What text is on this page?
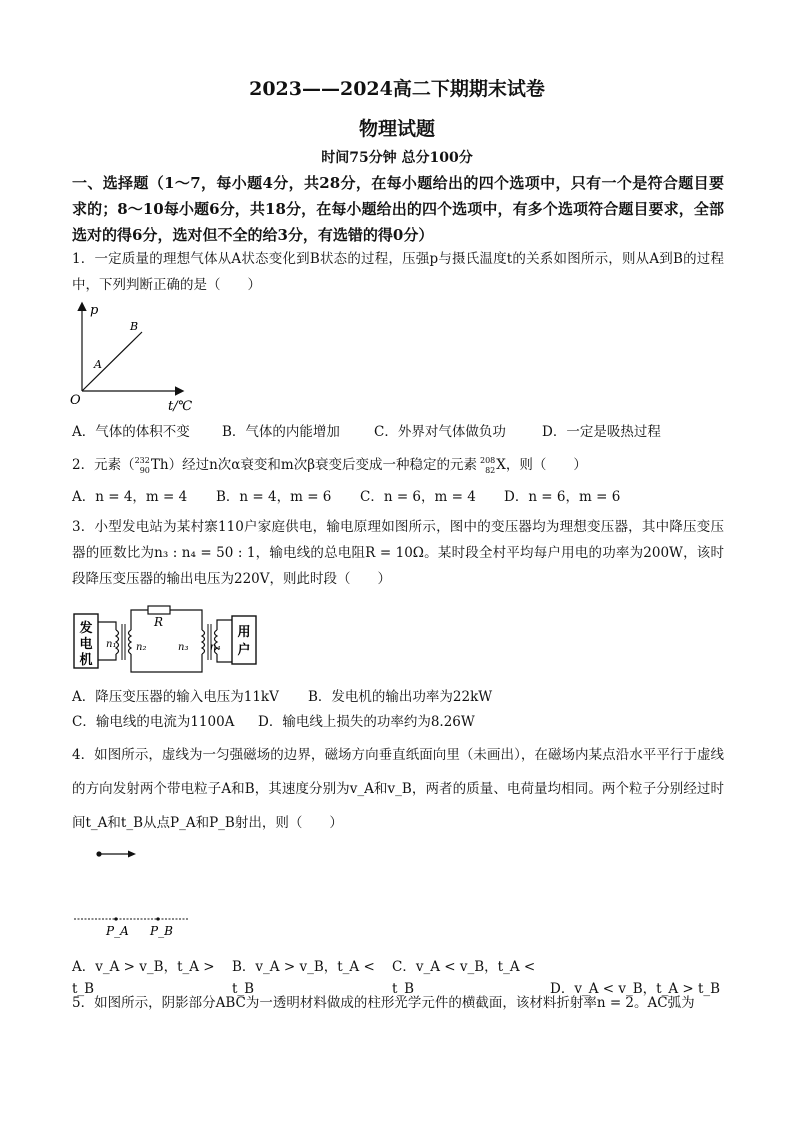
2023——2024高二下期期末试卷
物理试题
时间75分钟 总分100分
一、选择题（1～7，每小题4分，共28分，在每小题给出的四个选项中，只有一个是符合题目要求的；8～10每小题6分，共18分，在每小题给出的四个选项中，有多个选项符合题目要求，全部选对的得6分，选对但不全的给3分，有选错的得0分）
1．一定质量的理想气体从A状态变化到B状态的过程，压强p与摄氏温度t的关系如图所示，则从A到B的过程中，下列判断正确的是（　　）
p
O	t/℃
A
B
A．气体的体积不变 B．气体的内能增加	C．外界对气体做负功	D．一定是吸热过程
2．元素（232
90Th）经过n次α衰变和m次β衰变后变成一种稳定的元素 208
82X，则（　　）
A．n = 4，m = 4 B．n = 4，m = 6 C．n = 6，m = 4 D．n = 6，m = 6
3．小型发电站为某村寨110户家庭供电，输电原理如图所示，图中的变压器均为理想变压器，其中降压变压器的匝数比为n₃ : n₄ = 50 : 1，输电线的总电阻R = 10Ω。某时段全村平均每户用电的功率为200W，该时段降压变压器的输出电压为220V，则此时段（　　）
发
电
机
n₁ n₂
R
n₃ n₄
用
户
A．降压变压器的输入电压为11kV B．发电机的输出功率为22kW
C．输电线的电流为1100A D．输电线上损失的功率约为8.26W
4．如图所示，虚线为一匀强磁场的边界，磁场方向垂直纸面向里（未画出），在磁场内某点沿水平平行于虚线的方向发射两个带电粒子A和B，其速度分别为v_A和v_B，两者的质量、电荷量均相同。两个粒子分别经过时间t_A和t_B从点P_A和P_B射出，则（　　）
P_A P_B
A．v_A > v_B，t_A > t_BB．v_A > v_B，t_A < t_BC．v_A < v_B，t_A < t_B	D．v_A < v_B，t_A > t_B
5．如图所示，阴影部分ABC为一透明材料做成的柱形光学元件的横截面，该材料折射率n = 2。AC弧为
